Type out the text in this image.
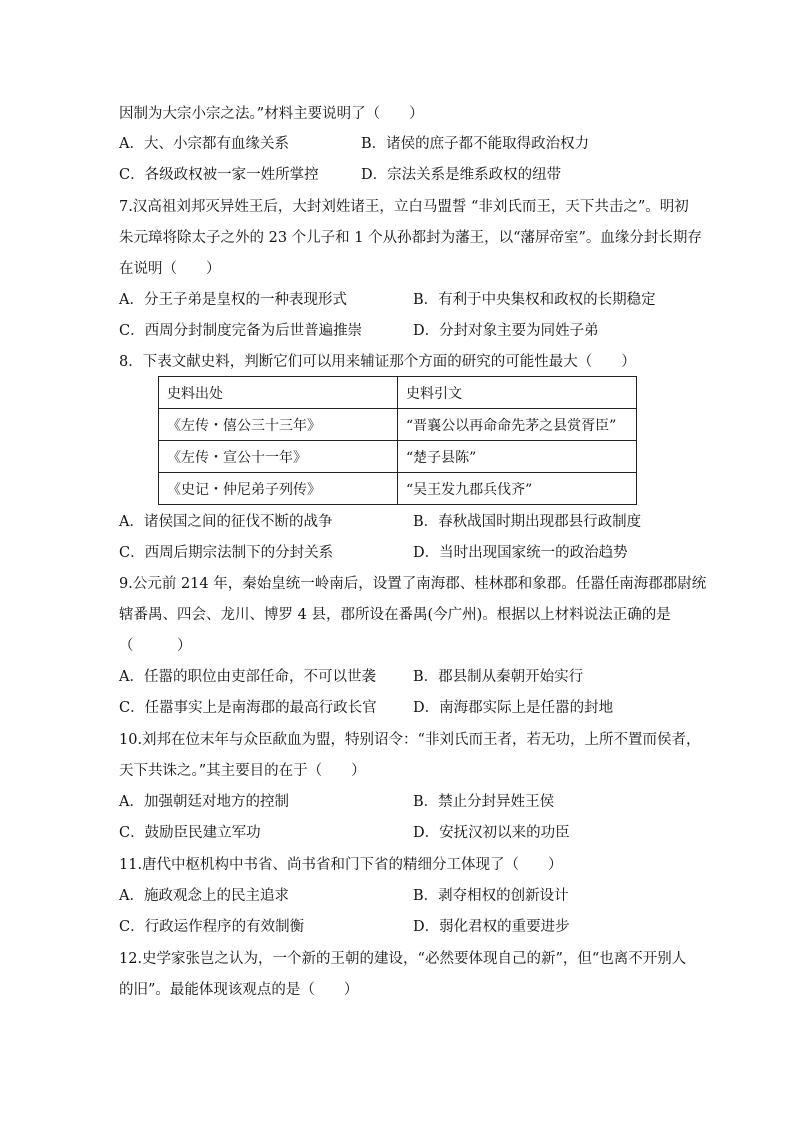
因制为大宗小宗之法。”材料主要说明了（　　）
A．大、小宗都有血缘关系	B．诸侯的庶子都不能取得政治权力
C．各级政权被一家一姓所掌控	D．宗法关系是维系政权的纽带
7.汉高祖刘邦灭异姓王后，大封刘姓诸王，立白马盟誓 “非刘氏而王，天下共击之”。明初
朱元璋将除太子之外的 23 个儿子和 1 个从孙都封为藩王，以“藩屏帝室”。血缘分封长期存
在说明（　　）
A．分王子弟是皇权的一种表现形式	B．有利于中央集权和政权的长期稳定
C．西周分封制度完备为后世普遍推崇	D．分封对象主要为同姓子弟
8．下表文献史料，判断它们可以用来辅证那个方面的研究的可能性最大（　　）
史料出处	史料引文
《左传・僖公三十三年》	“晋襄公以再命命先茅之县赏胥臣”
《左传・宣公十一年》	“楚子县陈”
《史记・仲尼弟子列传》	“吴王发九郡兵伐齐”
A．诸侯国之间的征伐不断的战争	B．春秋战国时期出现郡县行政制度
C．西周后期宗法制下的分封关系	D．当时出现国家统一的政治趋势
9.公元前 214 年，秦始皇统一岭南后，设置了南海郡、桂林郡和象郡。任嚣任南海郡郡尉统
辖番禺、四会、龙川、博罗 4 县，郡所设在番禺(今广州)。根据以上材料说法正确的是
（　　　）
A．任嚣的职位由吏部任命，不可以世袭	B．郡县制从秦朝开始实行
C．任嚣事实上是南海郡的最高行政长官	D．南海郡实际上是任嚣的封地
10.刘邦在位末年与众臣歃血为盟，特别诏令：“非刘氏而王者，若无功，上所不置而侯者，
天下共诛之。”其主要目的在于（　　）
A．加强朝廷对地方的控制	B．禁止分封异姓王侯
C．鼓励臣民建立军功	D．安抚汉初以来的功臣
11.唐代中枢机构中书省、尚书省和门下省的精细分工体现了（　　）
A．施政观念上的民主追求	B．剥夺相权的创新设计
C．行政运作程序的有效制衡	D．弱化君权的重要进步
12.史学家张岂之认为，一个新的王朝的建设，“必然要体现自己的新”，但“也离不开别人
的旧”。最能体现该观点的是（　　）
